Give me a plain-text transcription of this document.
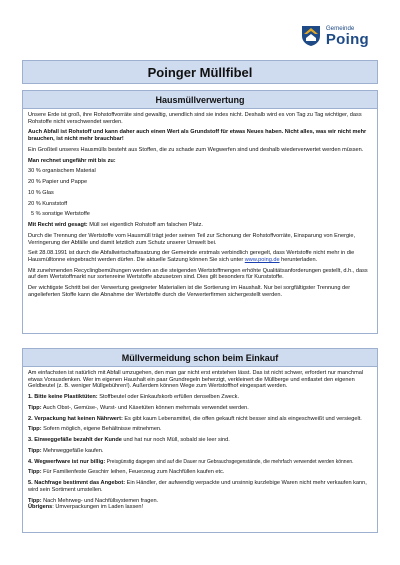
Gemeinde
Poing
Poinger Müllfibel
Hausmüllverwertung

Unsere Erde ist groß, ihre Rohstoffvorräte sind gewaltig, unendlich sind sie indes nicht. Deshalb wird es von Tag zu Tag wichtiger, dass Rohstoffe nicht verschwendet werden.

Auch Abfall ist Rohstoff und kann daher auch einen Wert als Grundstoff für etwas Neues haben. Nicht alles, was wir nicht mehr brauchen, ist nicht mehr brauchbar!

Ein Großteil unseres Hausmülls besteht aus Stoffen, die zu schade zum Wegwerfen sind und deshalb wiederverwertet werden müssen.

Man rechnet ungefähr mit bis zu:

30 % organischem Material

20 % Papier und Pappe

10 % Glas

20 % Kunststoff

5 % sonstige Wertstoffe

Mit Recht wird gesagt: Müll sei eigentlich Rohstoff am falschen Platz.

Durch die Trennung der Wertstoffe vom Hausmüll trägt jeder seinen Teil zur Schonung der Rohstoffvorräte, Einsparung von Energie, Verringerung der Abfälle und damit letztlich zum Schutz unserer Umwelt bei.

Seit 28.08.1991 ist durch die Abfallwirtschaftssatzung der Gemeinde erstmals verbindlich geregelt, dass Wertstoffe nicht mehr in die Hausmülltonne eingebracht werden dürfen. Die aktuelle Satzung können Sie sich unter www.poing.de herunterladen.

Mit zunehmenden Recyclingbemühungen werden an die steigenden Wertstoffmengen erhöhte Qualitätsanforderungen gestellt, d.h., dass auf dem Wertstoffmarkt nur sortenreine Wertstoffe abzusetzen sind. Dies gilt besonders für Kunststoffe.

Der wichtigste Schritt bei der Verwertung geeigneter Materialien ist die Sortierung im Haushalt. Nur bei sorgfältigster Trennung der angelieferten Stoffe kann die Abnahme der Wertstoffe durch die Verwerterfirmen sichergestellt werden.

Müllvermeidung schon beim Einkauf

Am einfachsten ist natürlich mit Abfall umzugehen, den man gar nicht erst entstehen lässt. Das ist nicht schwer, erfordert nur manchmal etwas Vorausdenken. Wer im eigenen Haushalt ein paar Grundregeln beherzigt, verkleinert die Müllberge und entlastet den eigenen Geldbeutel (z. B. weniger Müllgebühren!). Außerdem können Wege zum Wertstoffhof eingespart werden.

1. Bitte keine Plastiktüten: Stoffbeutel oder Einkaufskorb erfüllen denselben Zweck.

Tipp: Auch Obst-, Gemüse-, Wurst- und Käsetüten können mehrmals verwendet werden.

2. Verpackung hat keinen Nährwert: Es gibt kaum Lebensmittel, die offen gekauft nicht besser sind als eingeschweißt und versiegelt.

Tipp: Sofern möglich, eigene Behältnisse mitnehmen.

3. Einweggefäße bezahlt der Kunde und hat nur noch Müll, sobald sie leer sind.

Tipp: Mehrweggefäße kaufen.

4. Wegwerfware ist nur billig: Preisgünstig dagegen sind auf die Dauer nur Gebrauchsgegenstände, die mehrfach verwendet werden können.

Tipp: Für Familienfeste Geschirr leihen, Feuerzeug zum Nachfüllen kaufen etc.

5. Nachfrage bestimmt das Angebot: Ein Händler, der aufwendig verpackte und unsinnig kurzlebige Waren nicht mehr verkaufen kann, wird sein Sortiment umstellen.

Tipp: Nach Mehrweg- und Nachfüllsystemen fragen.

Übrigens: Umverpackungen im Laden lassen!
